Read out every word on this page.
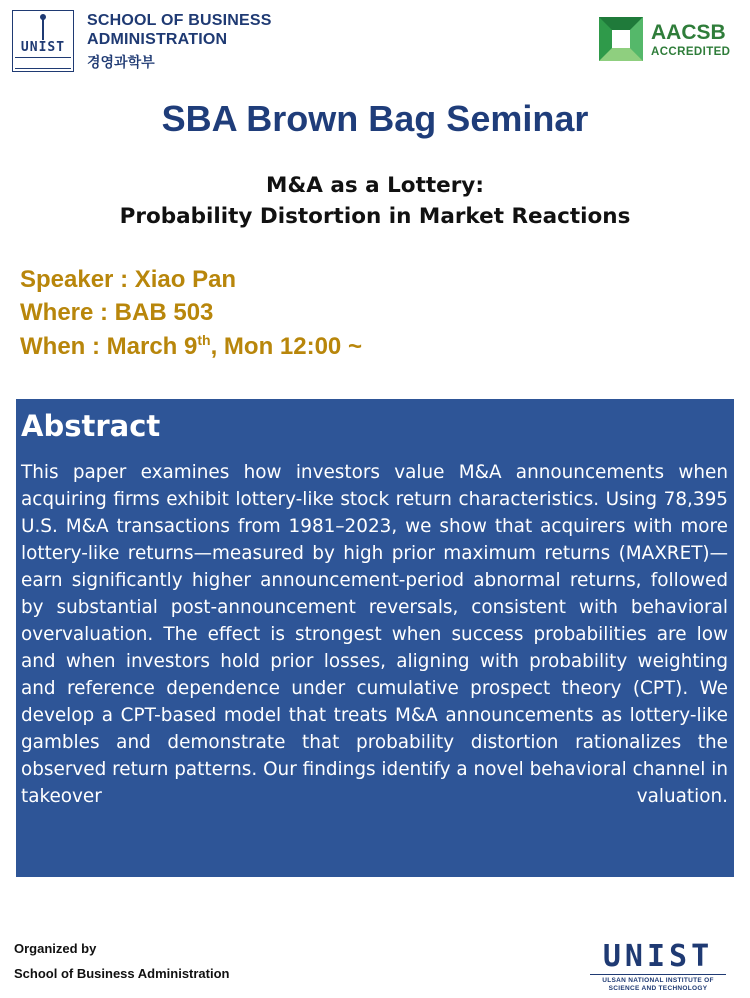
UNIST
SCHOOL OF BUSINESS
ADMINISTRATION
경영과학부
AACSB
ACCREDITED
SBA Brown Bag Seminar
M&A as a Lottery:
Probability Distortion in Market Reactions
Speaker : Xiao Pan
Where : BAB 503
When : March 9th, Mon 12:00 ~
Abstract

This paper examines how investors value M&A announcements when acquiring firms exhibit lottery-like stock return characteristics. Using 78,395 U.S. M&A transactions from 1981–2023, we show that acquirers with more lottery-like returns—measured by high prior maximum returns (MAXRET)—earn significantly higher announcement-period abnormal returns, followed by substantial post-announcement reversals, consistent with behavioral overvaluation. The effect is strongest when success probabilities are low and when investors hold prior losses, aligning with probability weighting and reference dependence under cumulative prospect theory (CPT). We develop a CPT-based model that treats M&A announcements as lottery-like gambles and demonstrate that probability distortion rationalizes the observed return patterns. Our findings identify a novel behavioral channel in takeover valuation.

Organized by
School of Business Administration	UNIST
ULSAN NATIONAL INSTITUTE OF
SCIENCE AND TECHNOLOGY
